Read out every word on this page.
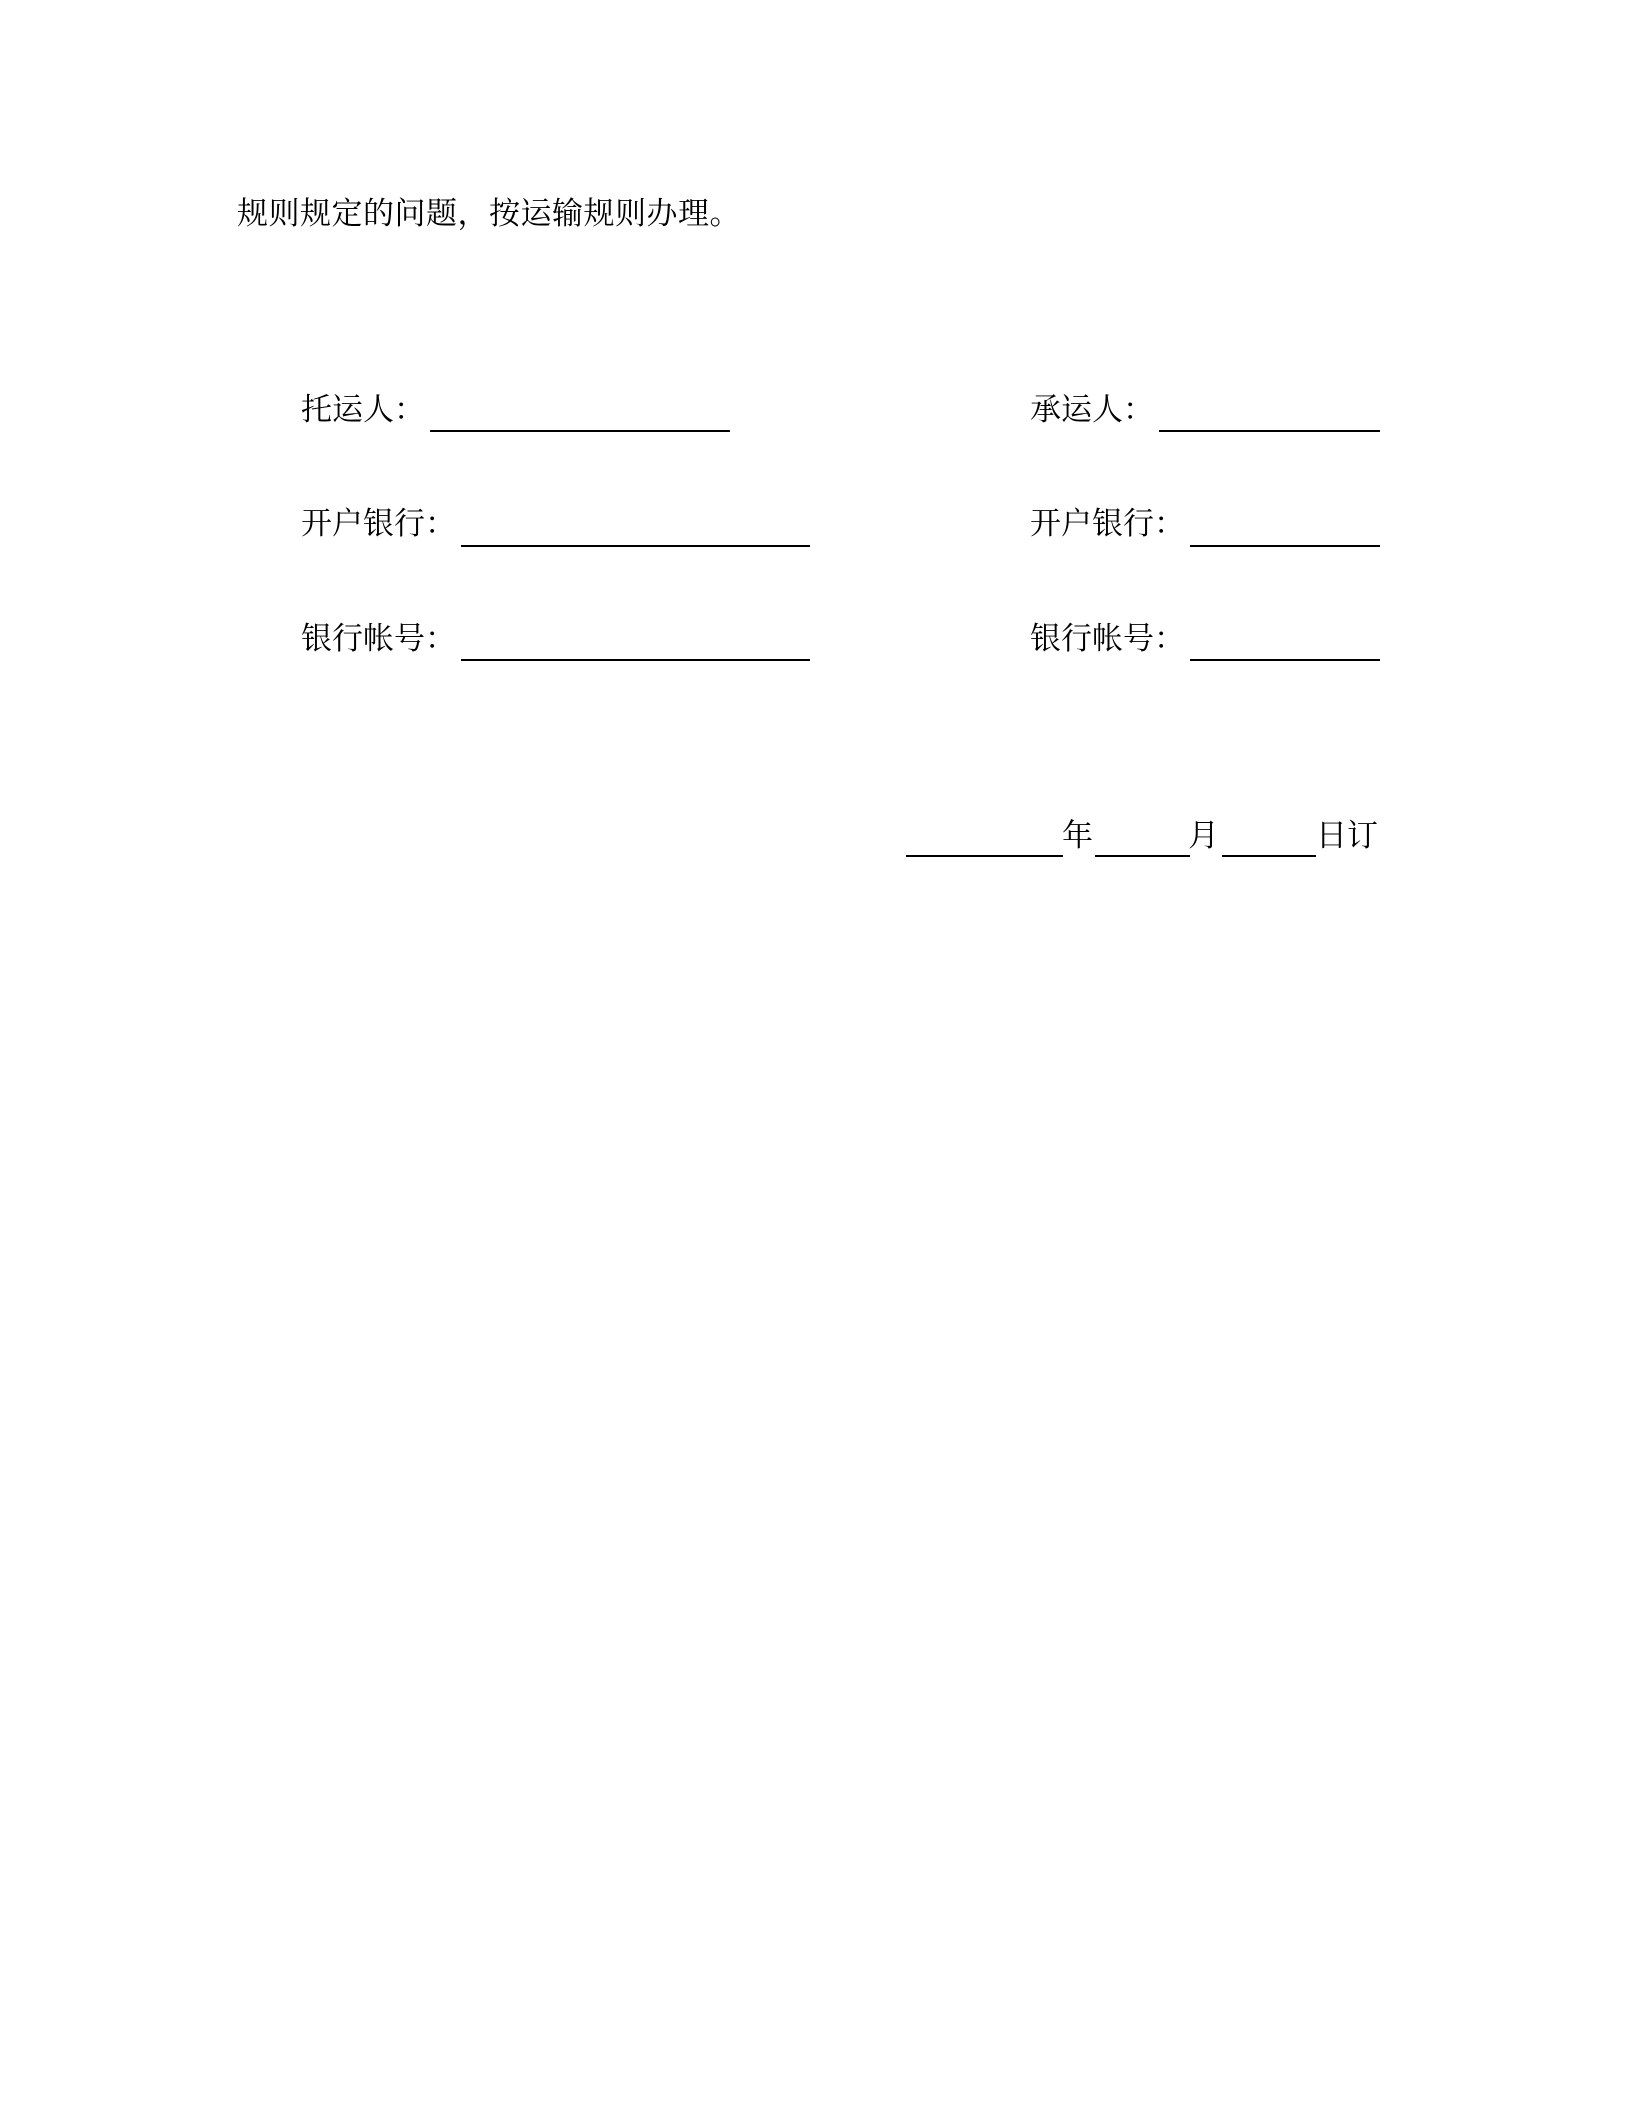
规则规定的问题，按运输规则办理。
托运人：
开户银行：
银行帐号：
承运人：
开户银行：
银行帐号：
年	月	日订
